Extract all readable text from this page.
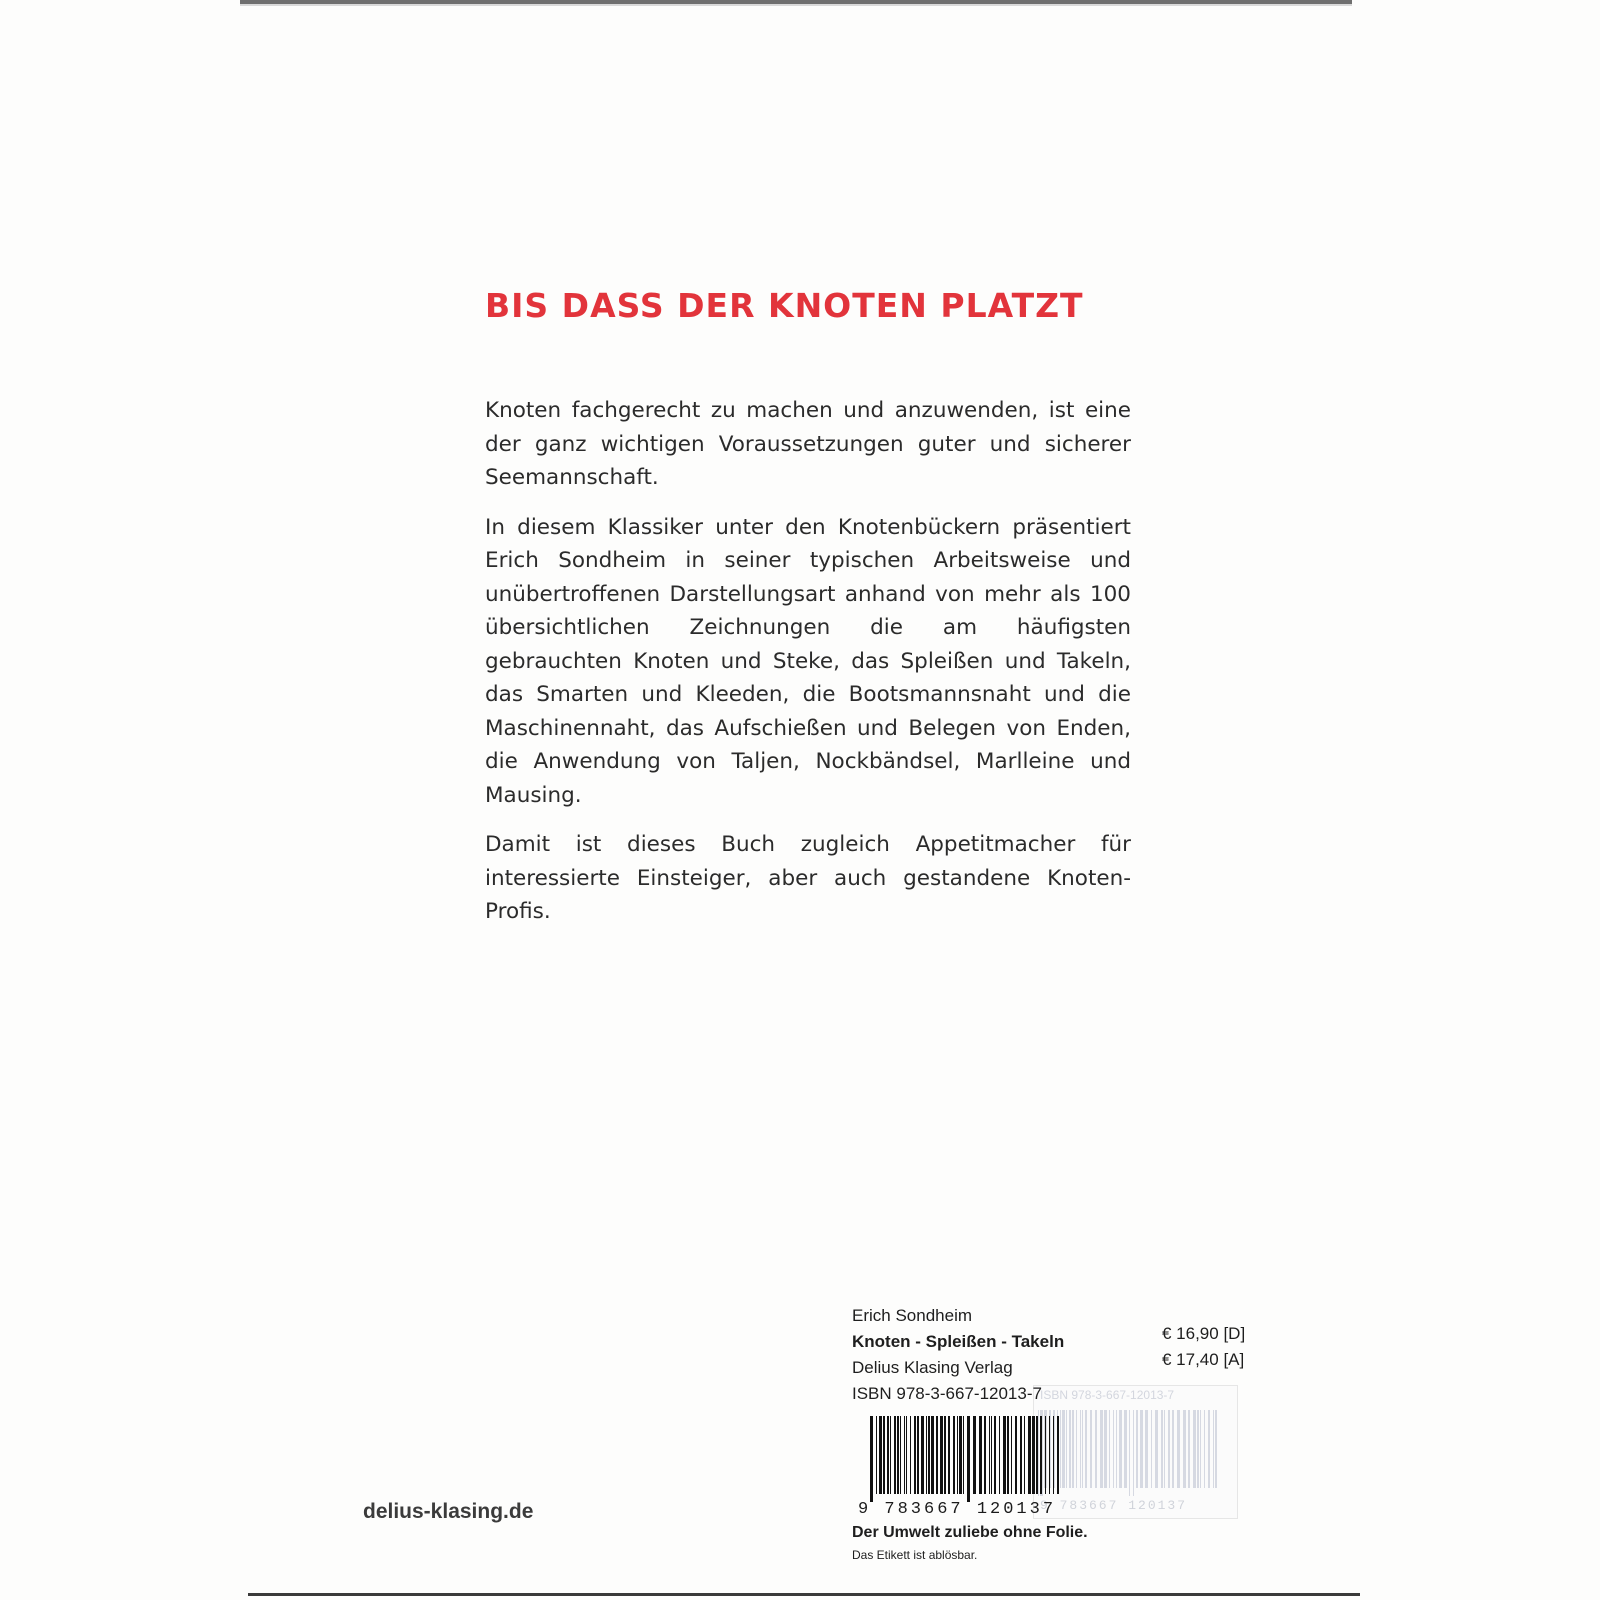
BIS DASS DER KNOTEN PLATZT

Knoten fachgerecht zu machen und anzuwenden, ist eine der ganz wichtigen Voraussetzungen guter und sicherer Seemannschaft.

In diesem Klassiker unter den Knotenbückern präsentiert Erich Sondheim in seiner typischen Arbeitsweise und unübertroffenen Darstellungsart anhand von mehr als 100 übersichtlichen Zeichnungen die am häufigsten gebrauchten Knoten und Steke, das Spleißen und Takeln, das Smarten und Kleeden, die Bootsmannsnaht und die Maschinennaht, das Aufschießen und Belegen von Enden, die Anwendung von Taljen, Nockbändsel, Marlleine und Mausing.

Damit ist dieses Buch zugleich Appetitmacher für interessierte Einsteiger, aber auch gestandene Knoten-Profis.

delius-klasing.de
ISBN 978-3-667-12013-7
9 783667 120137
Erich Sondheim
Knoten - Spleißen - Takeln
Delius Klasing Verlag
ISBN 978-3-667-12013-7
€ 16,90 [D]
€ 17,40 [A]
9 783667 120137
Der Umwelt zuliebe ohne Folie.
Das Etikett ist ablösbar.
